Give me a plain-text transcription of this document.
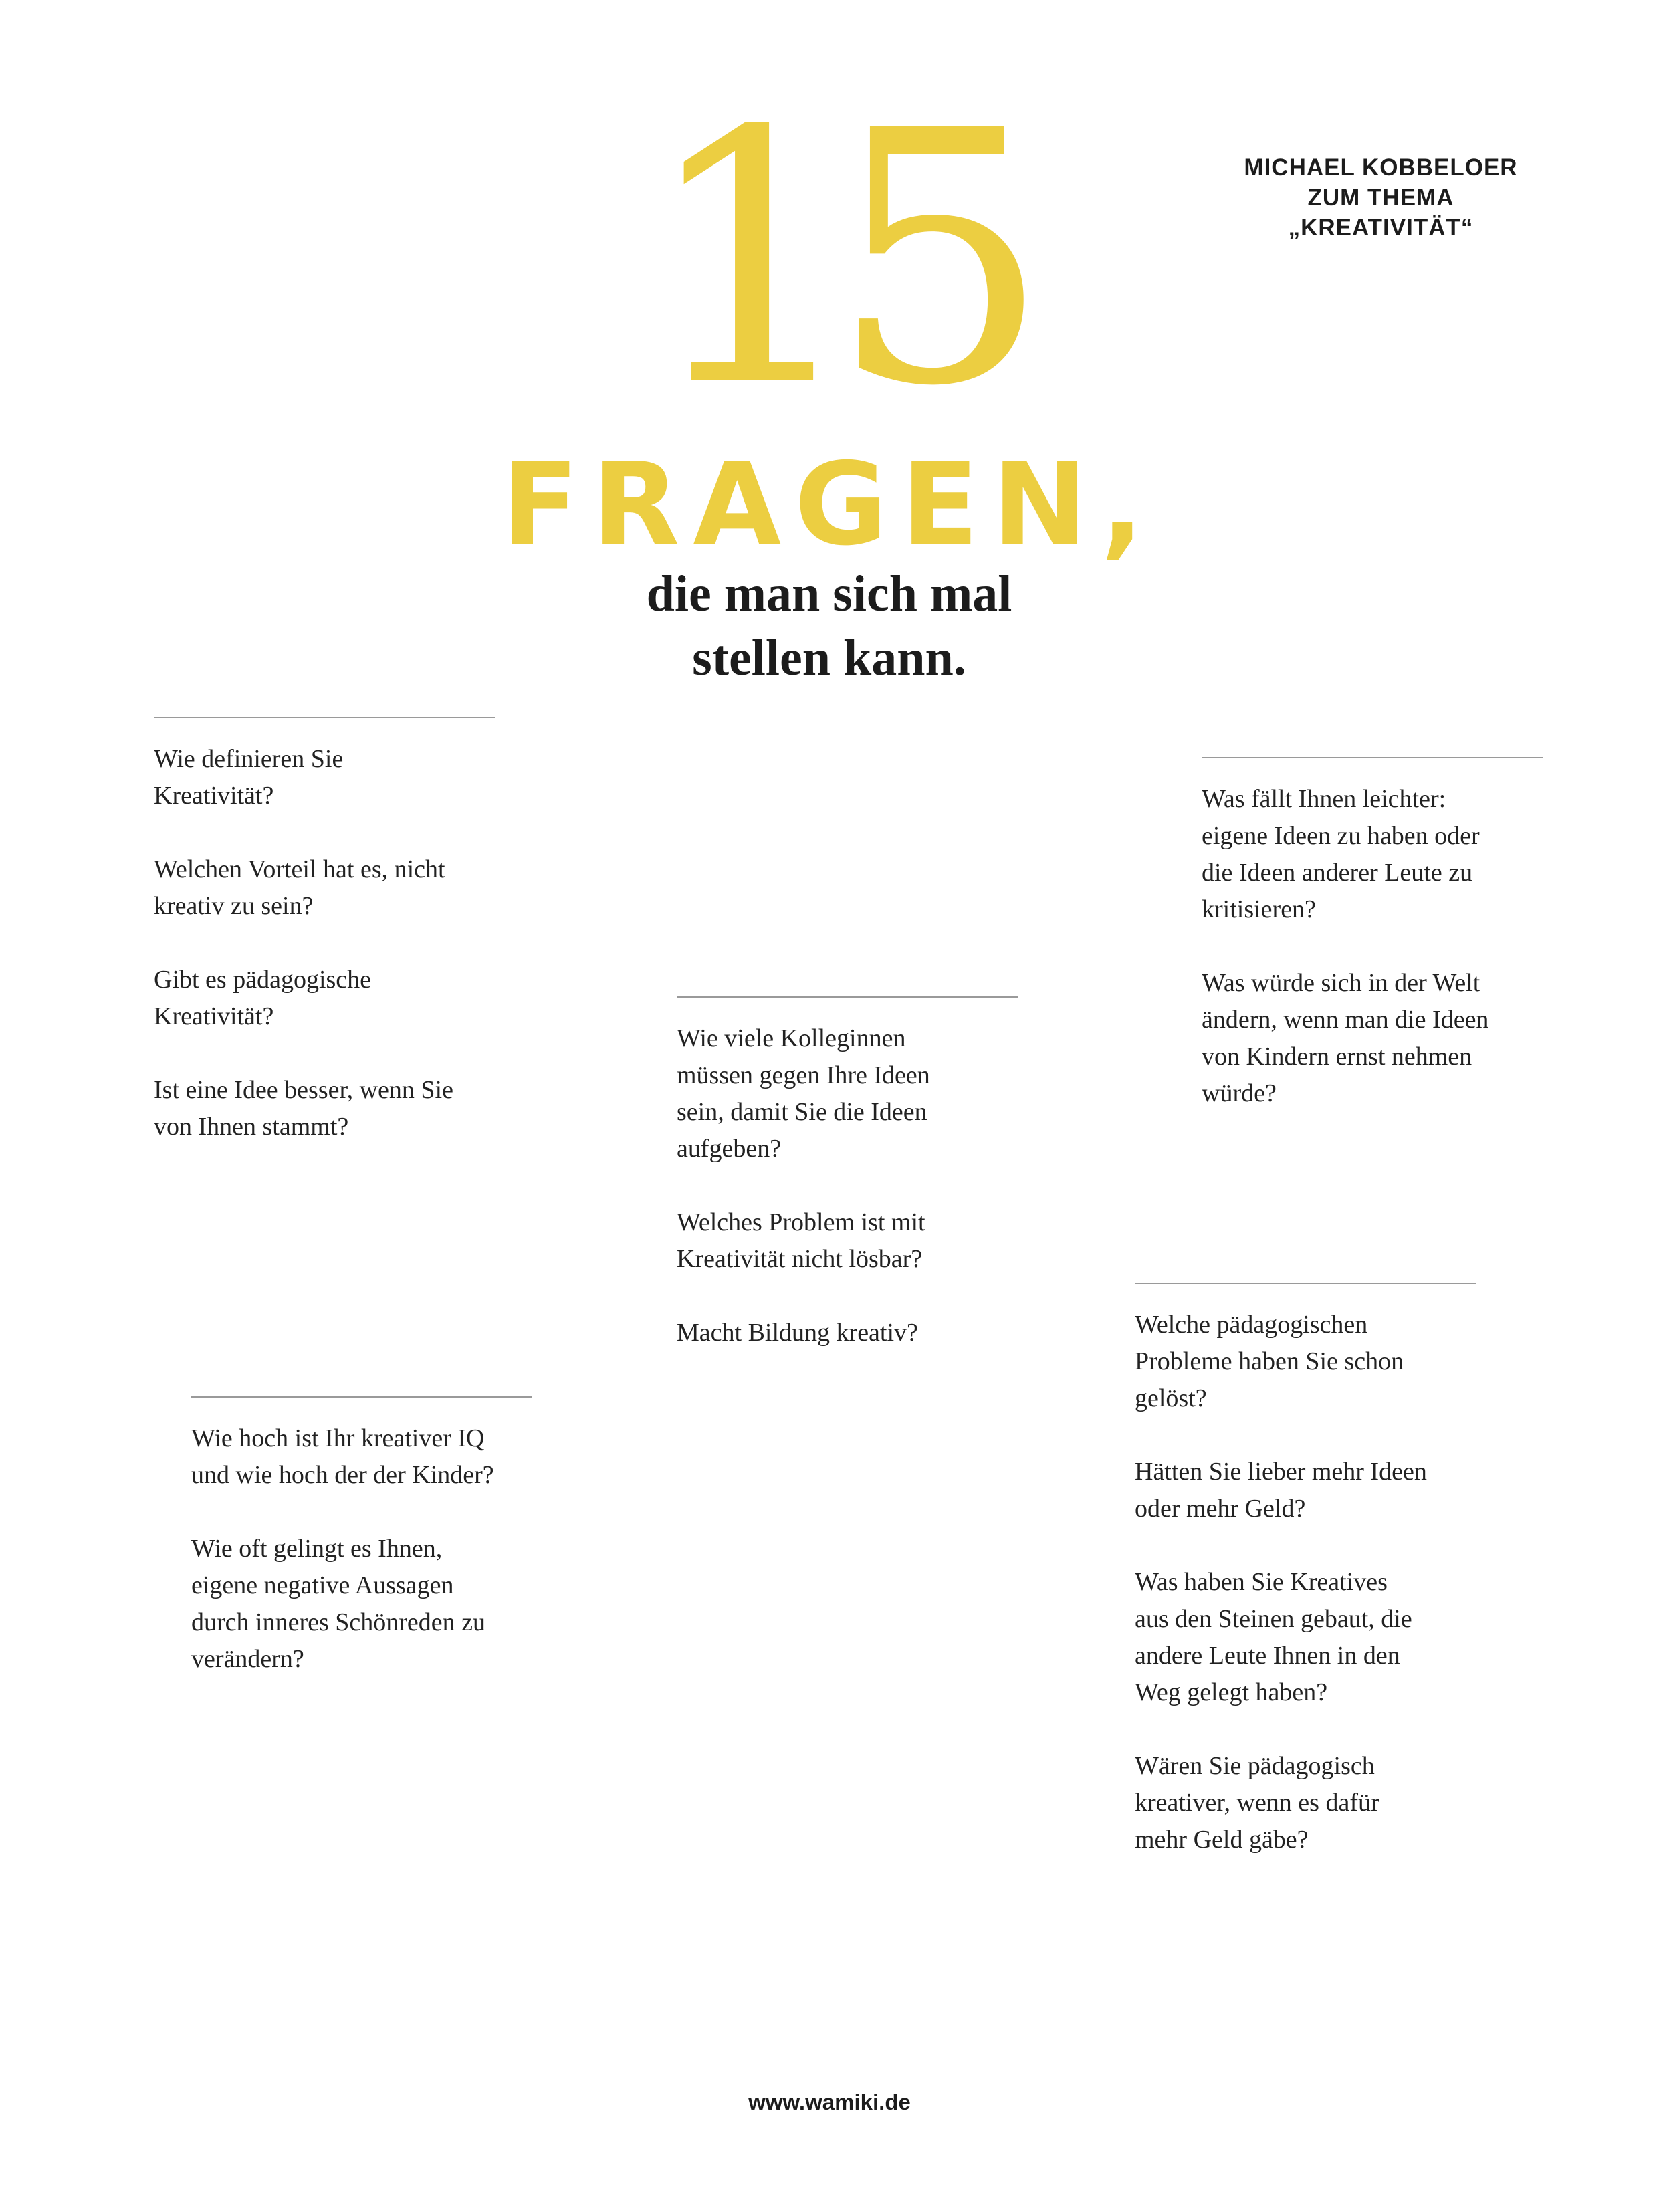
MICHAEL KOBBELOER
ZUM THEMA
„KREATIVITÄT“
15
FRAGEN,
die man sich mal
stellen kann.

Wie definieren Sie
Kreativität?

Welchen Vorteil hat es, nicht
kreativ zu sein?

Gibt es pädagogische
Kreativität?

Ist eine Idee besser, wenn Sie
von Ihnen stammt?

Wie hoch ist Ihr kreativer IQ
und wie hoch der der Kinder?

Wie oft gelingt es Ihnen,
eigene negative Aussagen
durch inneres Schönreden zu
verändern?

Wie viele Kolleginnen
müssen gegen Ihre Ideen
sein, damit Sie die Ideen
aufgeben?

Welches Problem ist mit
Kreativität nicht lösbar?

Macht Bildung kreativ?

Was fällt Ihnen leichter:
eigene Ideen zu haben oder
die Ideen anderer Leute zu
kritisieren?

Was würde sich in der Welt
ändern, wenn man die Ideen
von Kindern ernst nehmen
würde?

Welche pädagogischen
Probleme haben Sie schon
gelöst?

Hätten Sie lieber mehr Ideen
oder mehr Geld?

Was haben Sie Kreatives
aus den Steinen gebaut, die
andere Leute Ihnen in den
Weg gelegt haben?

Wären Sie pädagogisch
kreativer, wenn es dafür
mehr Geld gäbe?

www.wamiki.de
